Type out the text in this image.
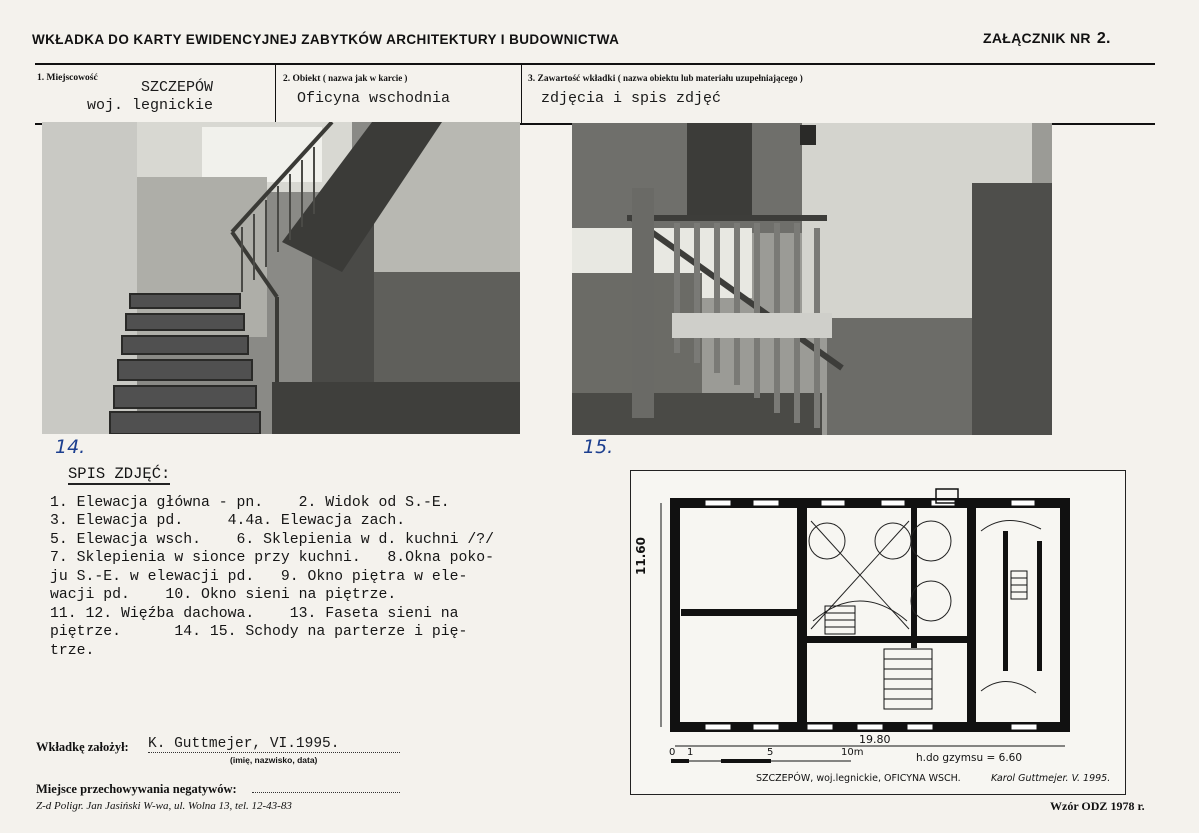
WKŁADKA DO KARTY EWIDENCYJNEJ ZABYTKÓW ARCHITEKTURY I BUDOWNICTWA	ZAŁĄCZNIK NR 2.
1. Miejscowość
SZCZEPÓW
woj. legnickie
2. Obiekt ( nazwa jak w karcie )
Oficyna wschodnia
3. Zawartość wkładki ( nazwa obiektu lub materiału uzupełniającego )
zdjęcia i spis zdjęć
14.	15.
SPIS ZDJĘĆ:
1. Elewacja główna - pn.    2. Widok od S.-E.
3. Elewacja pd.     4.4a. Elewacja zach.
5. Elewacja wsch.    6. Sklepienia w d. kuchni /?/
7. Sklepienia w sionce przy kuchni.   8.Okna poko-
ju S.-E. w elewacji pd.   9. Okno piętra w ele-
wacji pd.    10. Okno sieni na piętrze.
11. 12. Więźba dachowa.    13. Faseta sieni na
piętrze.      14. 15. Schody na parterze i pię-
trze.
11.60
19.80
0 1	5	10m	h.do gzymsu = 6.60
SZCZEPÓW, woj.legnickie, OFICYNA WSCH.	Karol Guttmejer. V. 1995.
Wkładkę założył: K. Guttmejer, VI.1995.
(imię, nazwisko, data)
Miejsce przechowywania negatywów:
Z-d Poligr. Jan Jasiński W-wa, ul. Wolna 13, tel. 12-43-83	Wzór ODZ 1978 r.
